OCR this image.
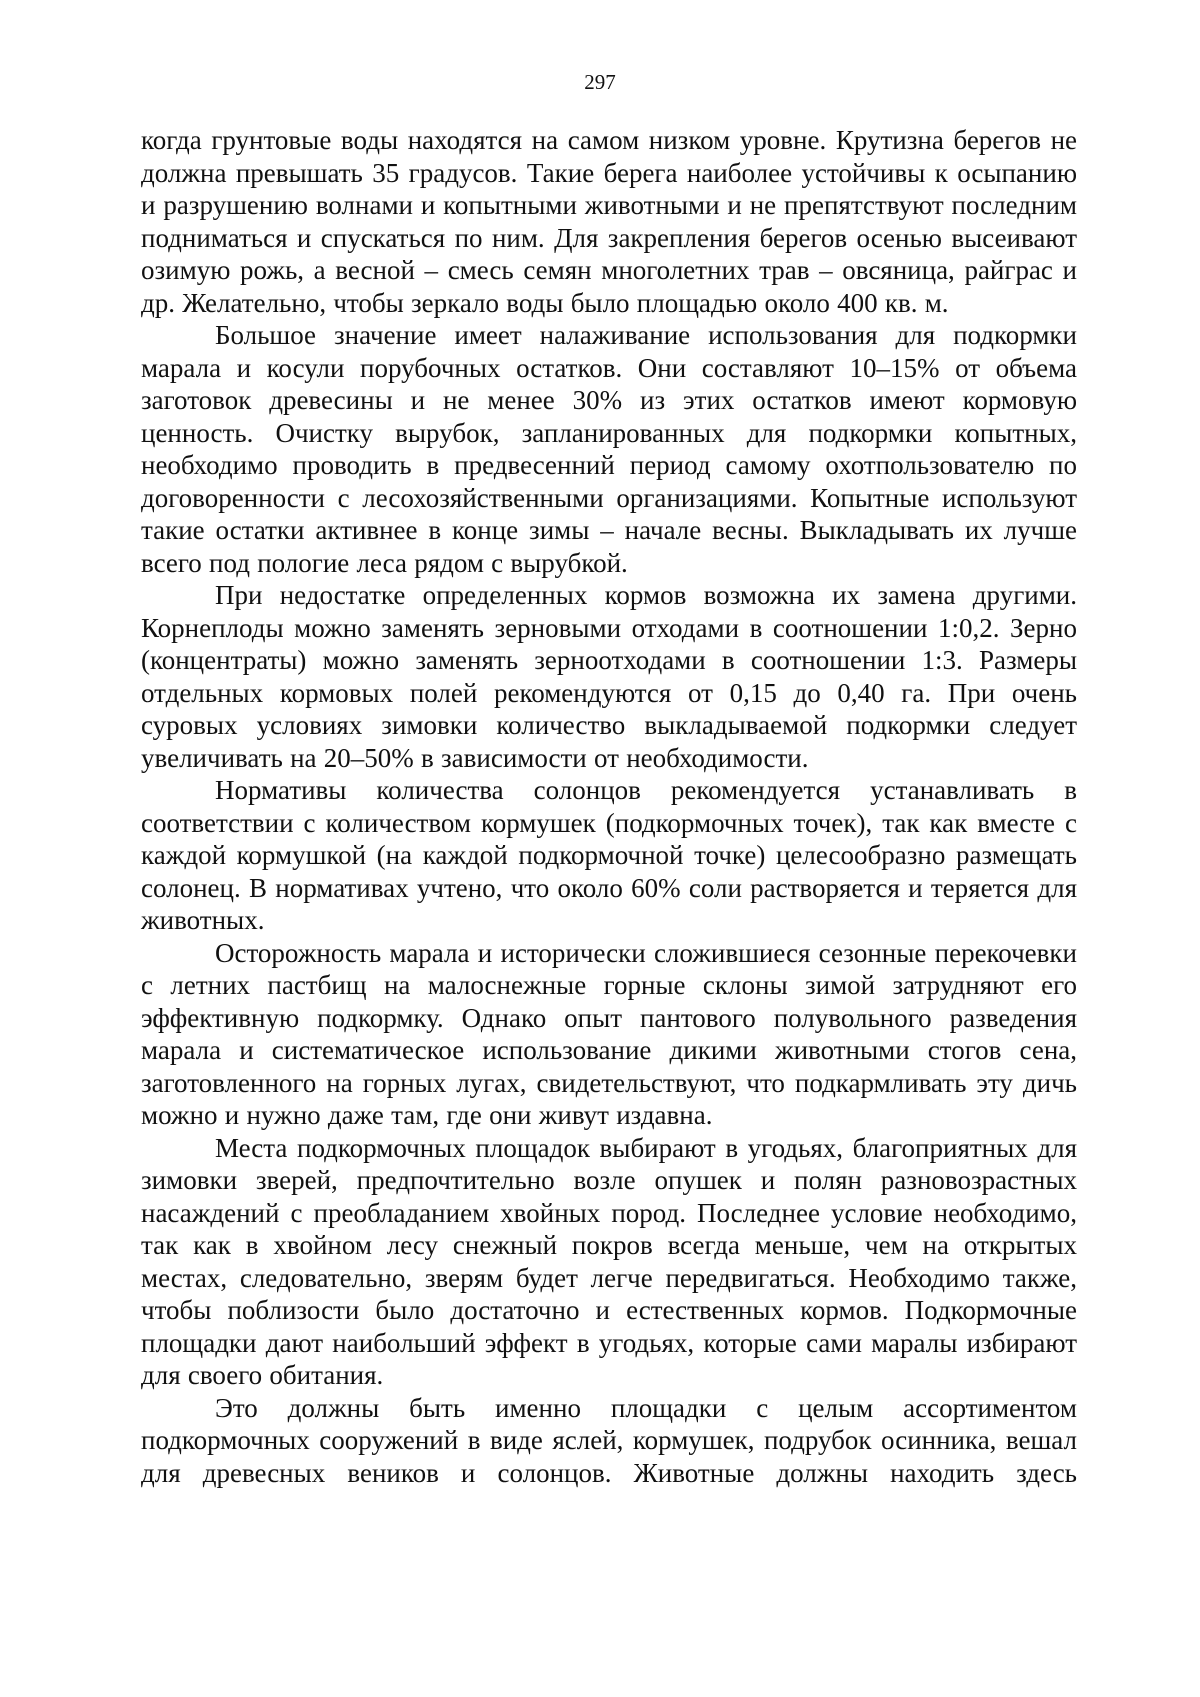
297

когда грунтовые воды находятся на самом низком уровне. Крутизна берегов не должна превышать 35 градусов. Такие берега наиболее устойчивы к осыпанию и разрушению волнами и копытными животными и не препятствуют последним подниматься и спускаться по ним. Для закрепления берегов осенью высеивают озимую рожь, а весной – смесь семян многолетних трав – овсяница, райграс и др. Желательно, чтобы зеркало воды было площадью около 400 кв. м.

Большое значение имеет налаживание использования для подкормки марала и косули порубочных остатков. Они составляют 10–15% от объема заготовок древесины и не менее 30% из этих остатков имеют кормовую ценность. Очистку вырубок, запланированных для подкормки копытных, необходимо проводить в предвесенний период самому охотпользователю по договоренности с лесохозяйственными организациями. Копытные используют такие остатки активнее в конце зимы – начале весны. Выкладывать их лучше всего под пологие леса рядом с вырубкой.

При недостатке определенных кормов возможна их замена другими. Корнеплоды можно заменять зерновыми отходами в соотношении 1:0,2. Зерно (концентраты) можно заменять зерноотходами в соотношении 1:3. Размеры отдельных кормовых полей рекомендуются от 0,15 до 0,40 га. При очень суровых условиях зимовки количество выкладываемой подкормки следует увеличивать на 20–50% в зависимости от необходимости.

Нормативы количества солонцов рекомендуется устанавливать в соответствии с количеством кормушек (подкормочных точек), так как вместе с каждой кормушкой (на каждой подкормочной точке) целесообразно размещать солонец. В нормативах учтено, что около 60% соли растворяется и теряется для животных.

Осторожность марала и исторически сложившиеся сезонные перекочевки с летних пастбищ на малоснежные горные склоны зимой затрудняют его эффективную подкормку. Однако опыт пантового полувольного разведения марала и систематическое использование дикими животными стогов сена, заготовленного на горных лугах, свидетельствуют, что подкармливать эту дичь можно и нужно даже там, где они живут издавна.

Места подкормочных площадок выбирают в угодьях, благоприятных для зимовки зверей, предпочтительно возле опушек и полян разновозрастных насаждений с преобладанием хвойных пород. Последнее условие необходимо, так как в хвойном лесу снежный покров всегда меньше, чем на открытых местах, следовательно, зверям будет легче передвигаться. Необходимо также, чтобы поблизости было достаточно и естественных кормов. Подкормочные площадки дают наибольший эффект в угодьях, которые сами маралы избирают для своего обитания.

Это должны быть именно площадки с целым ассортиментом подкормочных сооружений в виде яслей, кормушек, подрубок осинника, вешал для древесных веников и солонцов. Животные должны находить здесь
